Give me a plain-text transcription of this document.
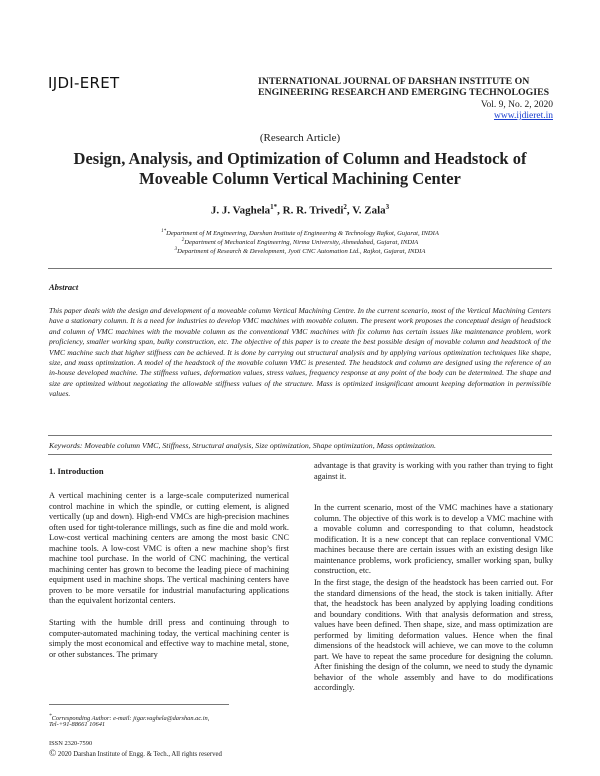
IJDI-ERET	INTERNATIONAL JOURNAL OF DARSHAN INSTITUTE ON
ENGINEERING RESEARCH AND EMERGING TECHNOLOGIES
Vol. 9, No. 2, 2020
www.ijdieret.in
(Research Article)
Design, Analysis, and Optimization of Column and Headstock of
Moveable Column Vertical Machining Center
J. J. Vaghela$^{1*}$, R. R. Trivedi$^2$, V. Zala$^3$
$^{1*}$Department of M Engineering, Darshan Institute of Engineering & Technology Rajkot, Gujarat, INDIA
$^2$Department of Mechanical Engineering, Nirma University, Ahmedabad, Gujarat, INDIA
$^3$Department of Research & Development, Jyoti CNC Automation Ltd., Rajkot, Gujarat, INDIA
Abstract
This paper deals with the design and development of a moveable column Vertical Machining Centre. In the current scenario, most of the Vertical Machining Centers have a stationary column. It is a need for industries to develop VMC machines with movable column. The present work proposes the conceptual design of headstock and column of VMC machines with the movable column as the conventional VMC machines with fix column has certain issues like maintenance problem, work proficiency, smaller working span, bulky construction, etc. The objective of this paper is to create the best possible design of movable column and headstock of the VMC machine such that higher stiffness can be achieved. It is done by carrying out structural analysis and by applying various optimization techniques like shape, size, and mass optimization. A model of the headstock of the movable column VMC is presented. The headstock and column are designed using the reference of an in-house developed machine. The stiffness values, deformation values, stress values, frequency response at any point of the body can be determined. The shape and size are optimized without negotiating the allowable stiffness values of the structure. Mass is optimized insignificant amount keeping deformation in permissible values.
Keywords: Moveable column VMC, Stiffness, Structural analysis, Size optimization, Shape optimization, Mass optimization.
1. Introduction

A vertical machining center is a large-scale computerized numerical control machine in which the spindle, or cutting element, is aligned vertically (up and down). High-end VMCs are high-precision machines often used for tight-tolerance millings, such as fine die and mold work. Low-cost vertical machining centers are among the most basic CNC machine tools. A low-cost VMC is often a new machine shop’s first machine tool purchase. In the world of CNC machining, the vertical machining center has grown to become the leading piece of machining equipment used in machine shops. The vertical machining centers have proven to be more versatile for industrial manufacturing applications than the equivalent horizontal centers.

Starting with the humble drill press and continuing through to computer-automated machining today, the vertical machining center is simply the most economical and effective way to machine metal, stone, or other substances. The primary

advantage is that gravity is working with you rather than trying to fight against it.

In the current scenario, most of the VMC machines have a stationary column. The objective of this work is to develop a VMC machine with a movable column and corresponding to that column, headstock modification. It is a new concept that can replace conventional VMC machines because there are certain issues with an existing design like maintenance problems, work proficiency, smaller working span, bulky construction, etc.

In the first stage, the design of the headstock has been carried out. For the standard dimensions of the head, the stock is taken initially. After that, the headstock has been analyzed by applying loading conditions and boundary conditions. With that analysis deformation and stress, values have been defined. Then shape, size, and mass optimization are performed by limiting deformation values. Hence when the final dimensions of the headstock will achieve, we can move to the column part. We have to repeat the same procedure for designing the column. After finishing the design of the column, we need to study the dynamic behavior of the whole assembly and have to do modifications accordingly.

*Corresponding Author: e-mail: jigar.vaghela@darshan.ac.in,
Tel-+91-88661 10641
ISSN 2320-7590
© 2020 Darshan Institute of Engg. & Tech., All rights reserved
